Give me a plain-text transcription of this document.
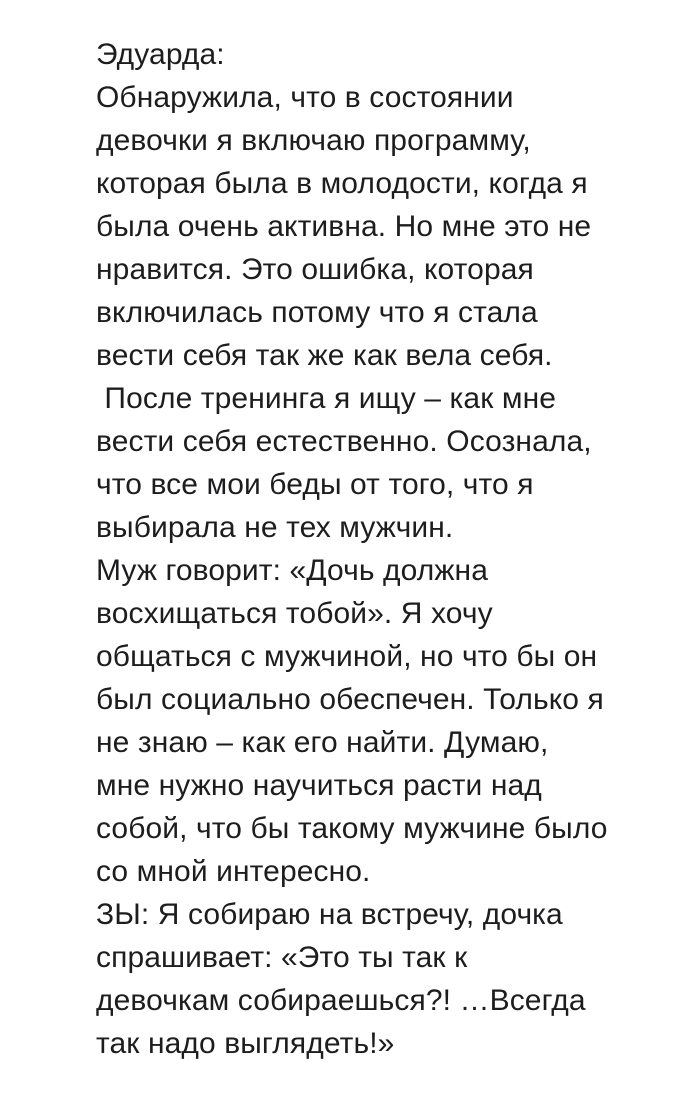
Эдуарда:
Обнаружила, что в состоянии
девочки я включаю программу,
которая была в молодости, когда я
была очень активна. Но мне это не
нравится. Это ошибка, которая
включилась потому что я стала
вести себя так же как вела себя.
После тренинга я ищу – как мне
вести себя естественно. Осознала,
что все мои беды от того, что я
выбирала не тех мужчин.
Муж говорит: «Дочь должна
восхищаться тобой». Я хочу
общаться с мужчиной, но что бы он
был социально обеспечен. Только я
не знаю – как его найти. Думаю,
мне нужно научиться расти над
собой, что бы такому мужчине было
со мной интересно.
ЗЫ: Я собираю на встречу, дочка
спрашивает: «Это ты так к
девочкам собираешься?! …Всегда
так надо выглядеть!»
